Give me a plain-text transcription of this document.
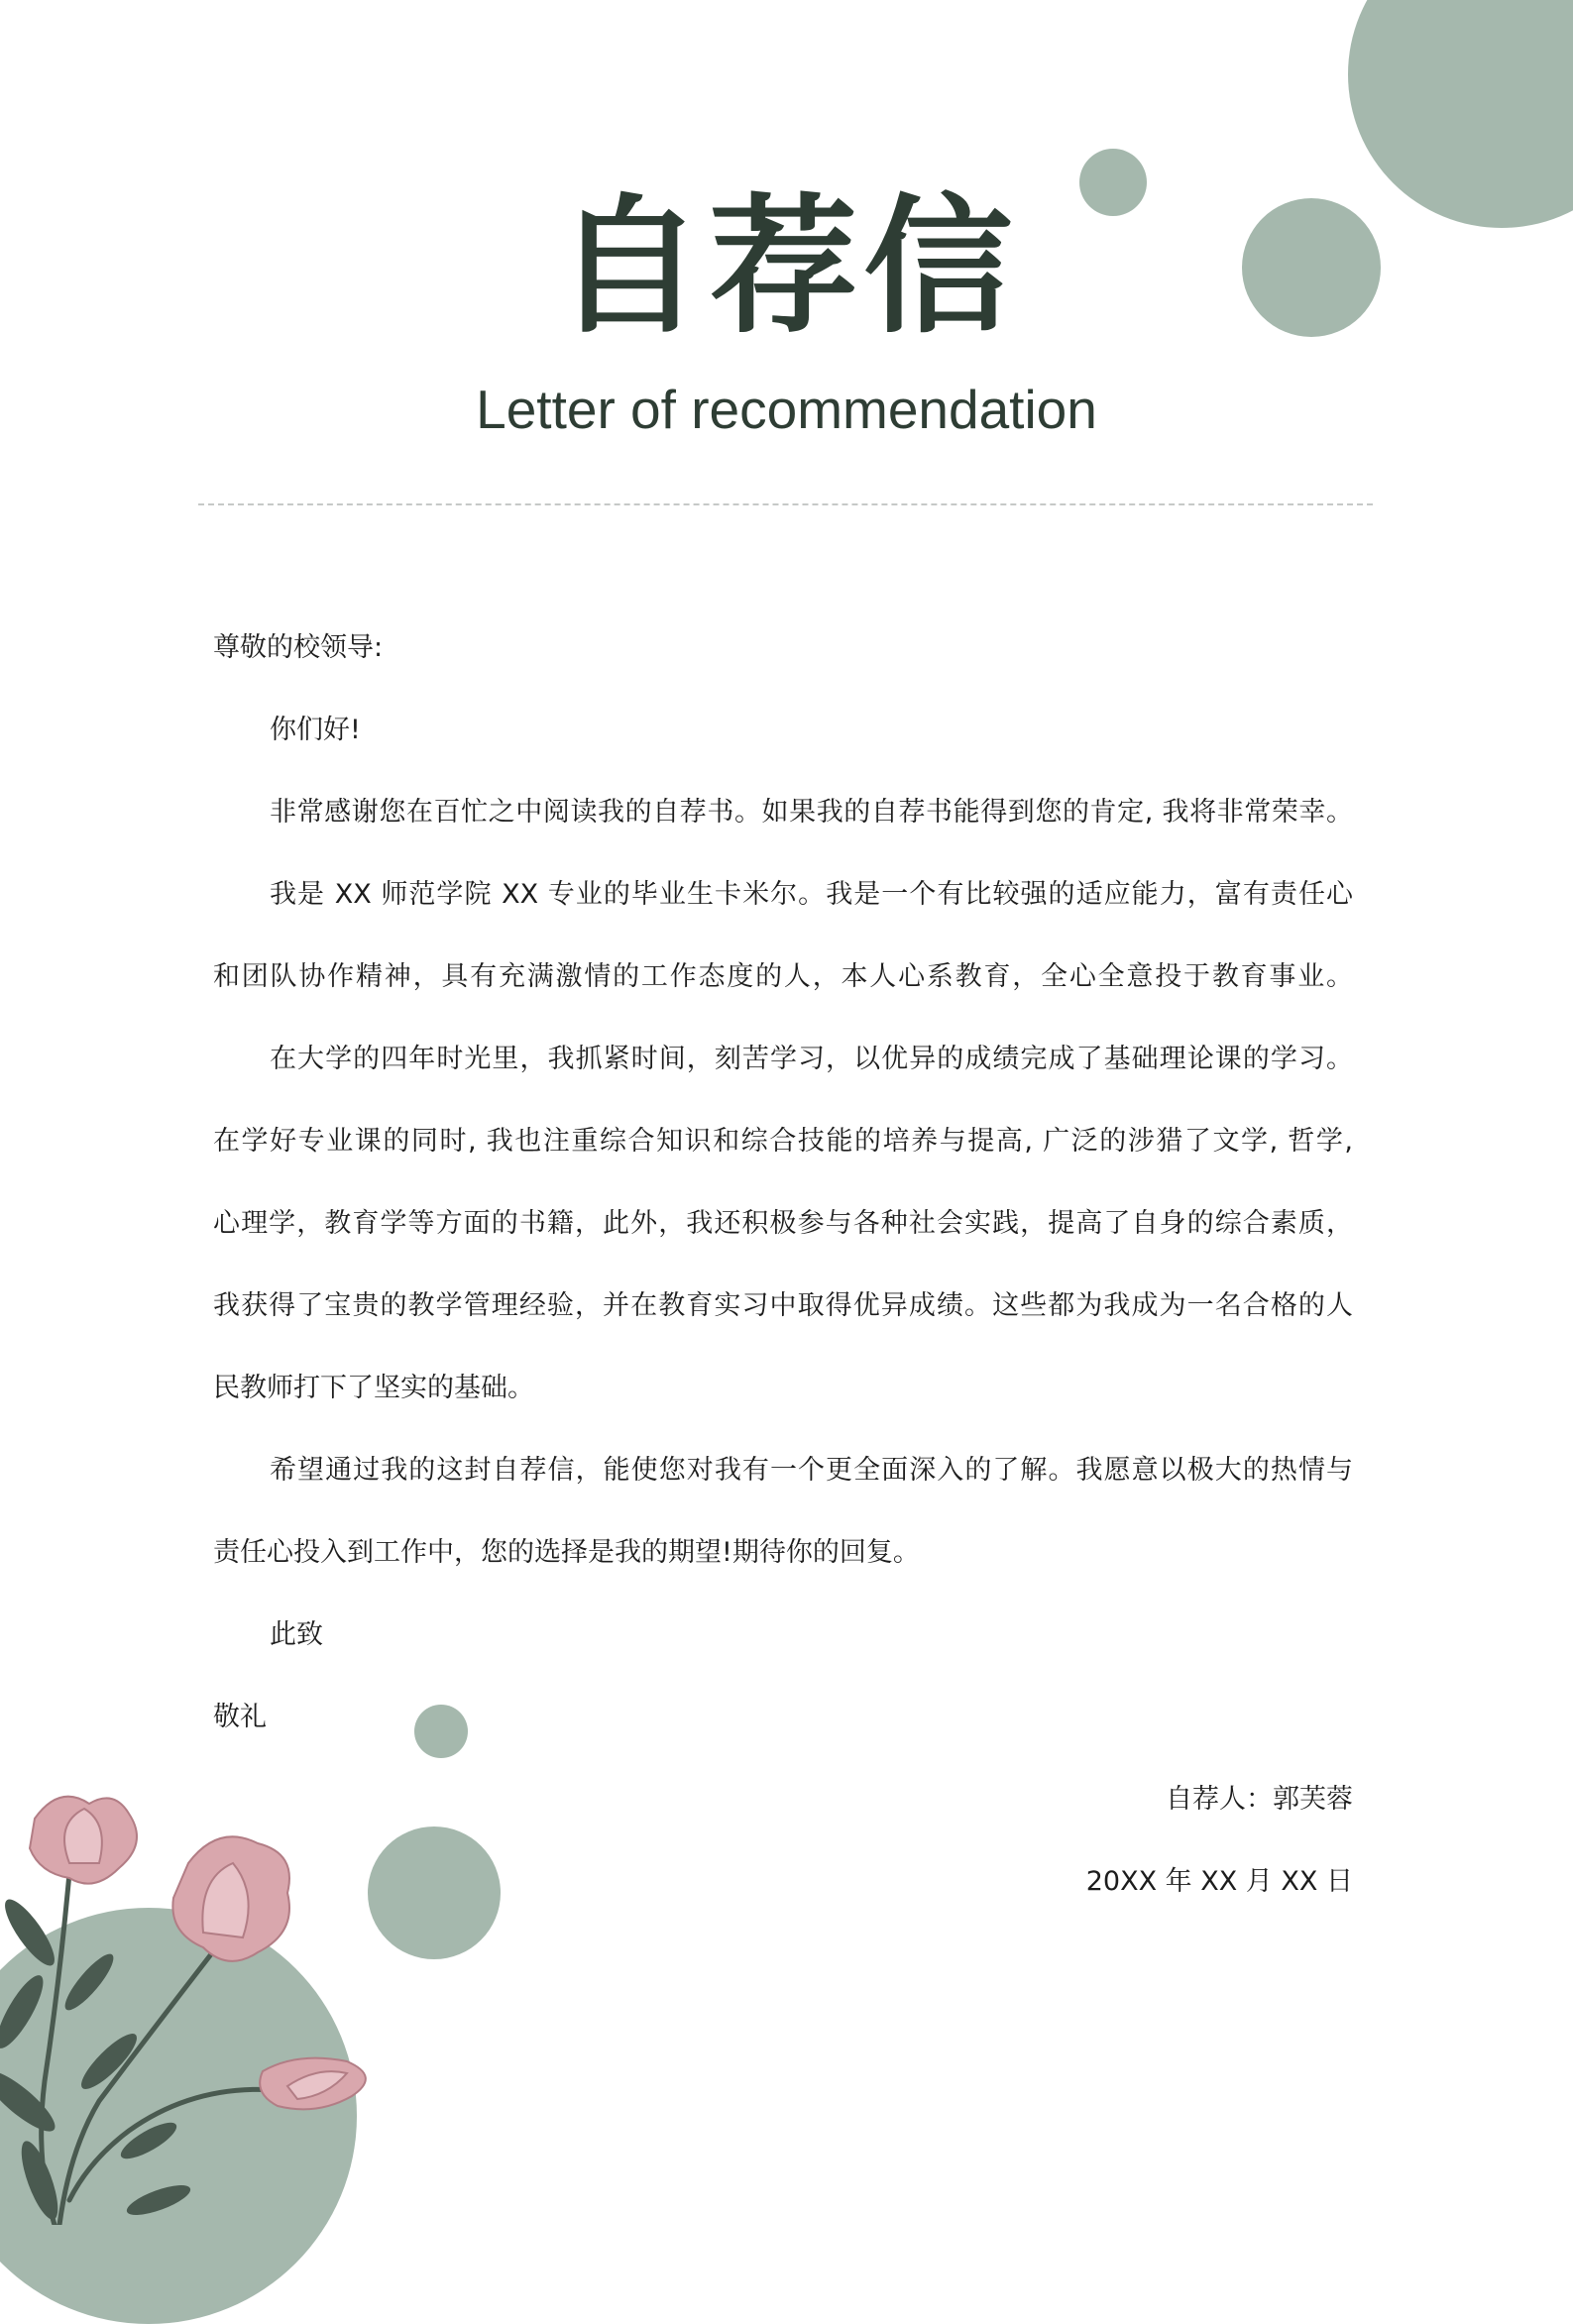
自荐信
Letter of recommendation
尊敬的校领导:
你们好!
非常感谢您在百忙之中阅读我的自荐书。如果我的自荐书能得到您的肯定, 我将非常荣幸。
我是 XX 师范学院 XX 专业的毕业生卡米尔。我是一个有比较强的适应能力，富有责任心
和团队协作精神，具有充满激情的工作态度的人，本人心系教育，全心全意投于教育事业。
在大学的四年时光里，我抓紧时间，刻苦学习，以优异的成绩完成了基础理论课的学习。
在学好专业课的同时, 我也注重综合知识和综合技能的培养与提高, 广泛的涉猎了文学, 哲学,
心理学，教育学等方面的书籍，此外，我还积极参与各种社会实践，提高了自身的综合素质，
我获得了宝贵的教学管理经验，并在教育实习中取得优异成绩。这些都为我成为一名合格的人
民教师打下了坚实的基础。
希望通过我的这封自荐信，能使您对我有一个更全面深入的了解。我愿意以极大的热情与
责任心投入到工作中，您的选择是我的期望!期待你的回复。
此致
敬礼
自荐人：郭芙蓉
20XX 年 XX 月 XX 日
